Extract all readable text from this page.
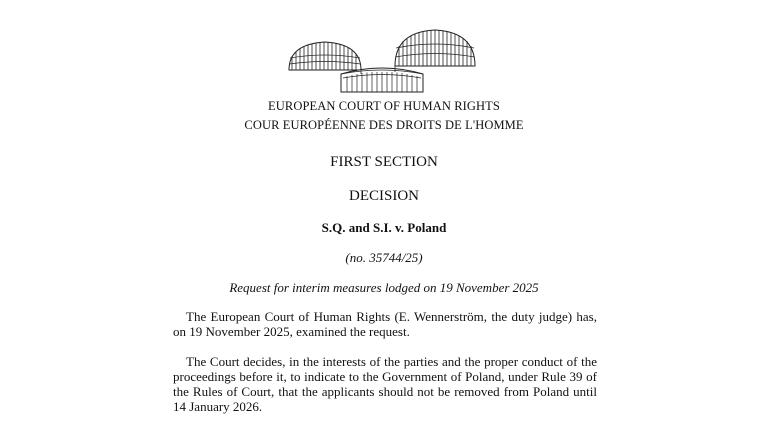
EUROPEAN COURT OF HUMAN RIGHTS
COUR EUROPÉENNE DES DROITS DE L'HOMME
FIRST SECTION
DECISION
S.Q. and S.I. v. Poland
(no. 35744/25)
Request for interim measures lodged on 19 November 2025

The European Court of Human Rights (E. Wennerström, the duty judge) has, on 19 November 2025, examined the request.

The Court decides, in the interests of the parties and the proper conduct of the proceedings before it, to indicate to the Government of Poland, under Rule 39 of the Rules of Court, that the applicants should not be removed from Poland until 14 January 2026.
